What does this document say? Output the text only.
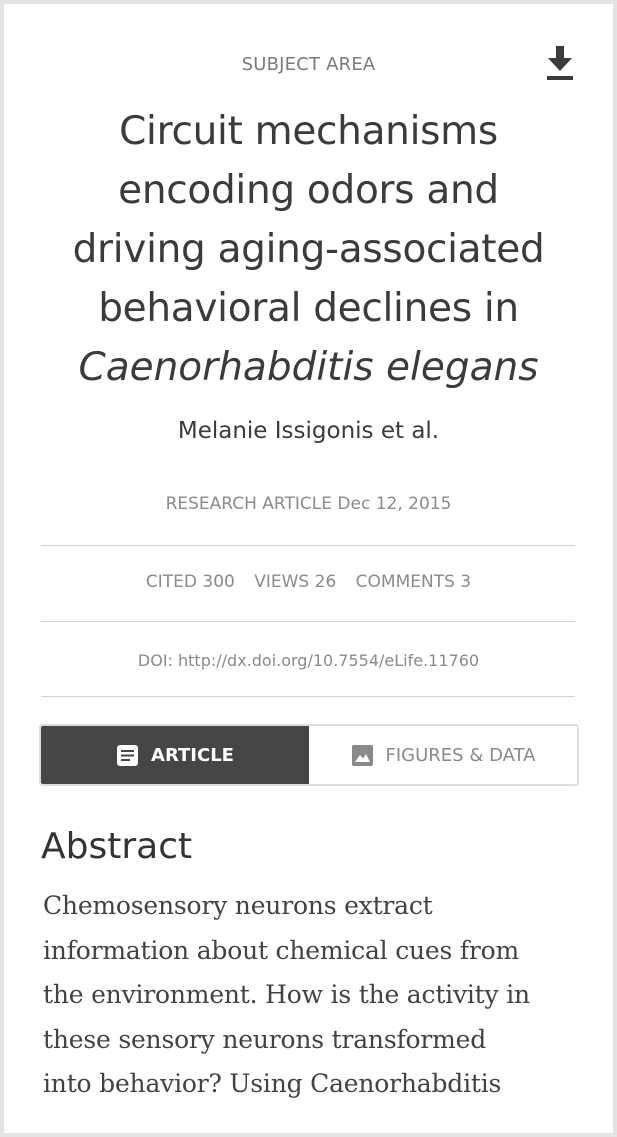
SUBJECT AREA
Circuit mechanisms
encoding odors and
driving aging-associated
behavioral declines in
Caenorhabditis elegans
Melanie Issigonis et al.
RESEARCH ARTICLE Dec 12, 2015
CITED 300 VIEWS 26 COMMENTS 3
DOI: http://dx.doi.org/10.7554/eLife.11760
ARTICLE	FIGURES & DATA
Abstract
Chemosensory neurons extract
information about chemical cues from
the environment. How is the activity in
these sensory neurons transformed
into behavior? Using Caenorhabditis
